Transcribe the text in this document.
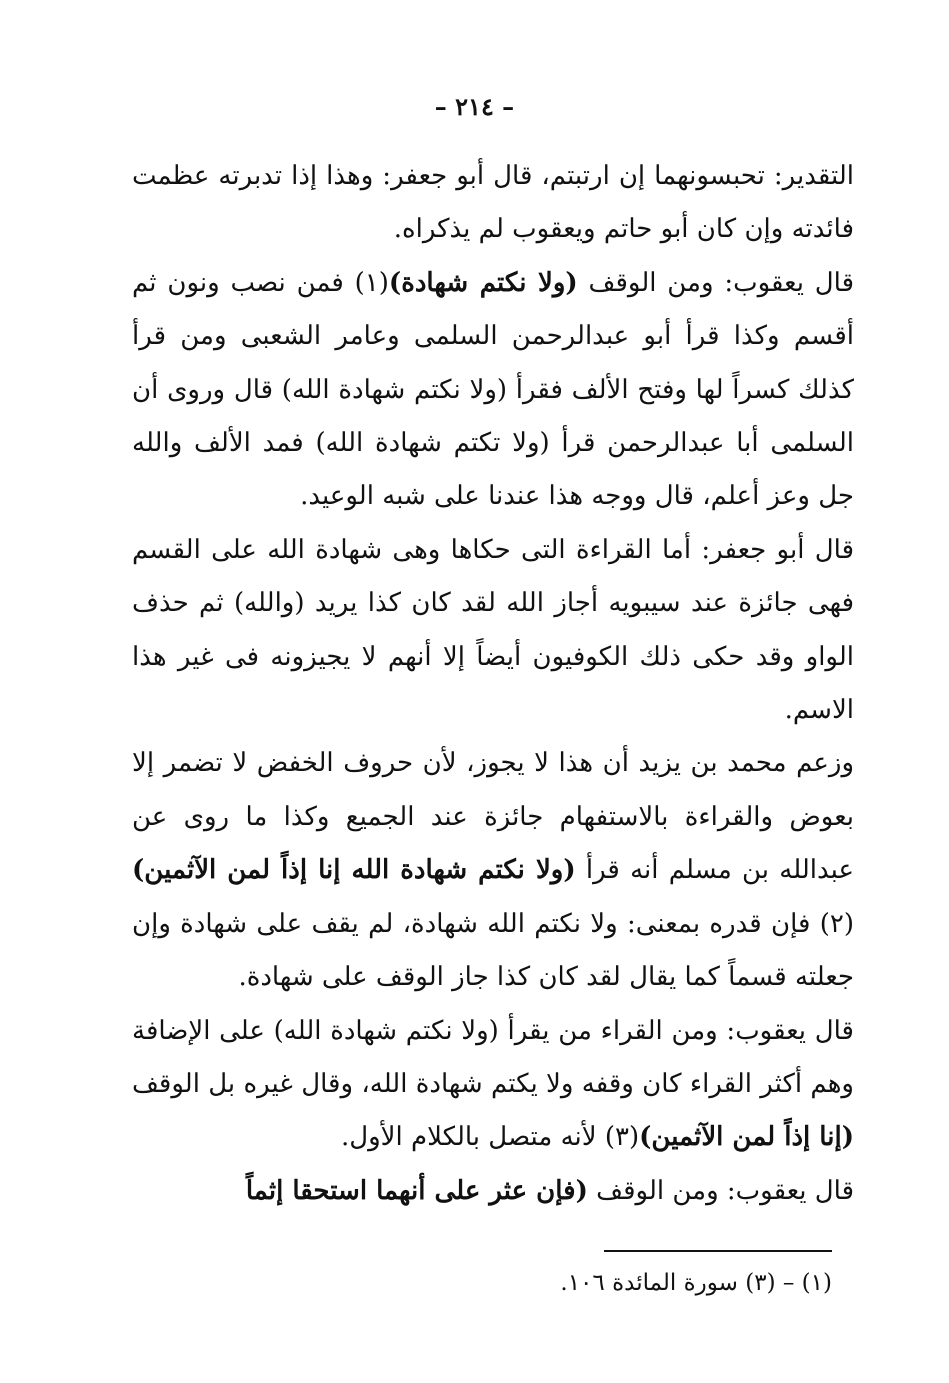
– ٢١٤ –

التقدير: تحبسونهما إن ارتبتم، قال أبو جعفر: وهذا إذا تدبرته عظمت فائدته وإن كان أبو حاتم ويعقوب لم يذكراه.

قال يعقوب: ومن الوقف (ولا نكتم شهادة)(١) فمن نصب ونون ثم أقسم وكذا قرأ أبو عبدالرحمن السلمى وعامر الشعبى ومن قرأ كذلك كسراً لها وفتح الألف فقرأ (ولا نكتم شهادة الله) قال وروى أن السلمى أبا عبدالرحمن قرأ (ولا تكتم شهادة الله) فمد الألف والله جل وعز أعلم، قال ووجه هذا عندنا على شبه الوعيد.

قال أبو جعفر: أما القراءة التى حكاها وهى شهادة الله على القسم فهى جائزة عند سيبويه أجاز الله لقد كان كذا يريد (والله) ثم حذف الواو وقد حكى ذلك الكوفيون أيضاً إلا أنهم لا يجيزونه فى غير هذا الاسم.

وزعم محمد بن يزيد أن هذا لا يجوز، لأن حروف الخفض لا تضمر إلا بعوض والقراءة بالاستفهام جائزة عند الجميع وكذا ما روى عن عبدالله بن مسلم أنه قرأ (ولا نكتم شهادة الله إنا إذاً لمن الآثمين)(٢) فإن قدره بمعنى: ولا نكتم الله شهادة، لم يقف على شهادة وإن جعلته قسماً كما يقال لقد كان كذا جاز الوقف على شهادة.

قال يعقوب: ومن القراء من يقرأ (ولا نكتم شهادة الله) على الإضافة وهم أكثر القراء كان وقفه ولا يكتم شهادة الله، وقال غيره بل الوقف (إنا إذاً لمن الآثمين)(٣) لأنه متصل بالكلام الأول.

قال يعقوب: ومن الوقف (فإن عثر على أنهما استحقا إثماً

(١) – (٣) سورة المائدة ١٠٦.
